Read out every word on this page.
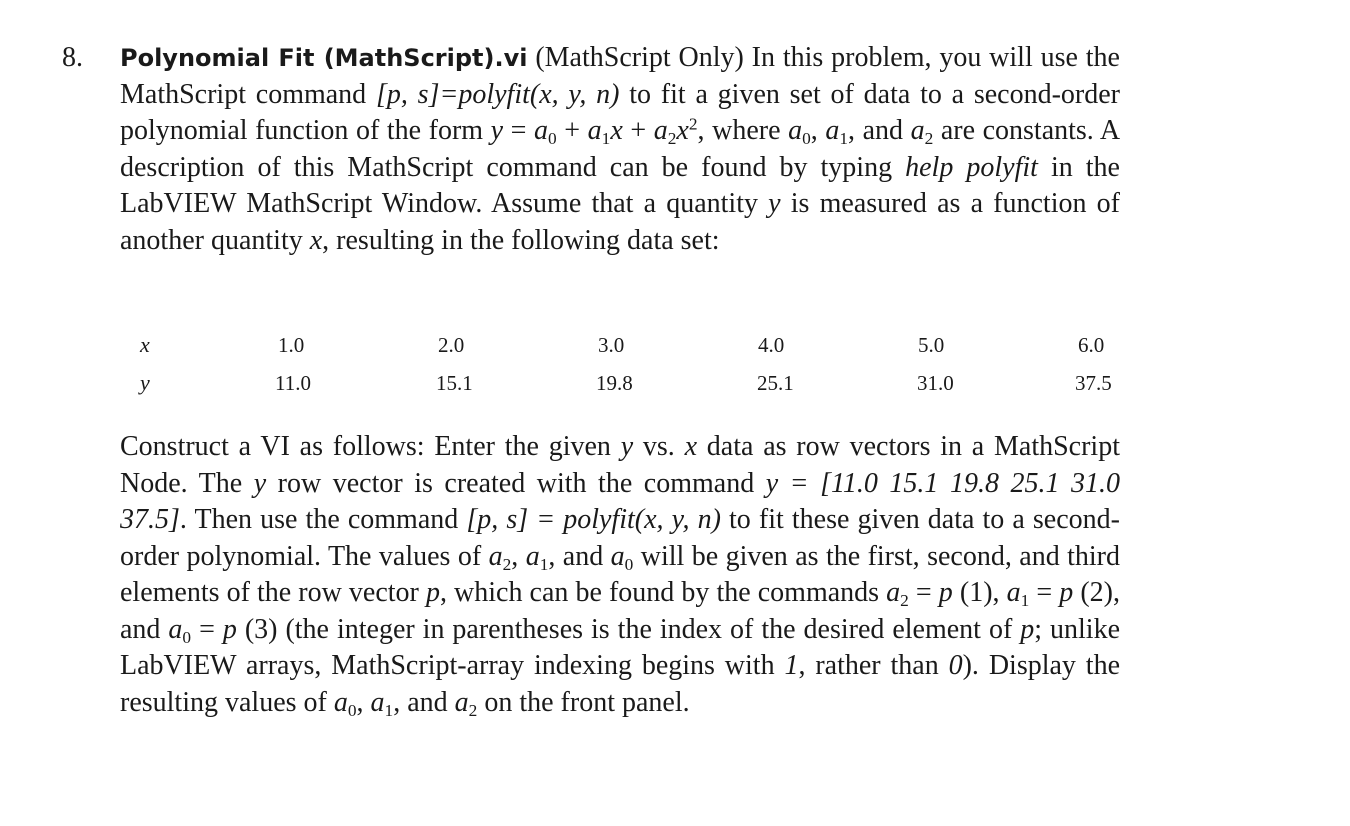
8. Polynomial Fit (MathScript).vi (MathScript Only) In this problem, you will use the MathScript command [p, s]=polyfit(x, y, n) to fit a given set of data to a second-order polynomial function of the form $y = a_0 + a_1x + a_2x^2$, where $a_0$, $a_1$, and $a_2$ are constants. A description of this MathScript command can be found by typing help polyfit in the LabVIEW MathScript Window. Assume that a quantity y is measured as a function of another quantity x, resulting in the following data set:

x	1.0	2.0	3.0	4.0	5.0	6.0
y	11.0	15.1	19.8	25.1	31.0	37.5

Construct a VI as follows: Enter the given y vs. x data as row vectors in a MathScript Node. The y row vector is created with the command y = [11.0 15.1 19.8 25.1 31.0 37.5]. Then use the command [p, s] = polyfit(x, y, n) to fit these given data to a second-order polynomial. The values of $a_2$, $a_1$, and $a_0$ will be given as the first, second, and third elements of the row vector p, which can be found by the commands $a_2 = p$ (1), $a_1 = p$ (2), and $a_0 = p$ (3) (the integer in parentheses is the index of the desired element of p; unlike LabVIEW arrays, MathScript-array indexing begins with 1, rather than 0). Display the resulting values of $a_0$, $a_1$, and $a_2$ on the front panel.
